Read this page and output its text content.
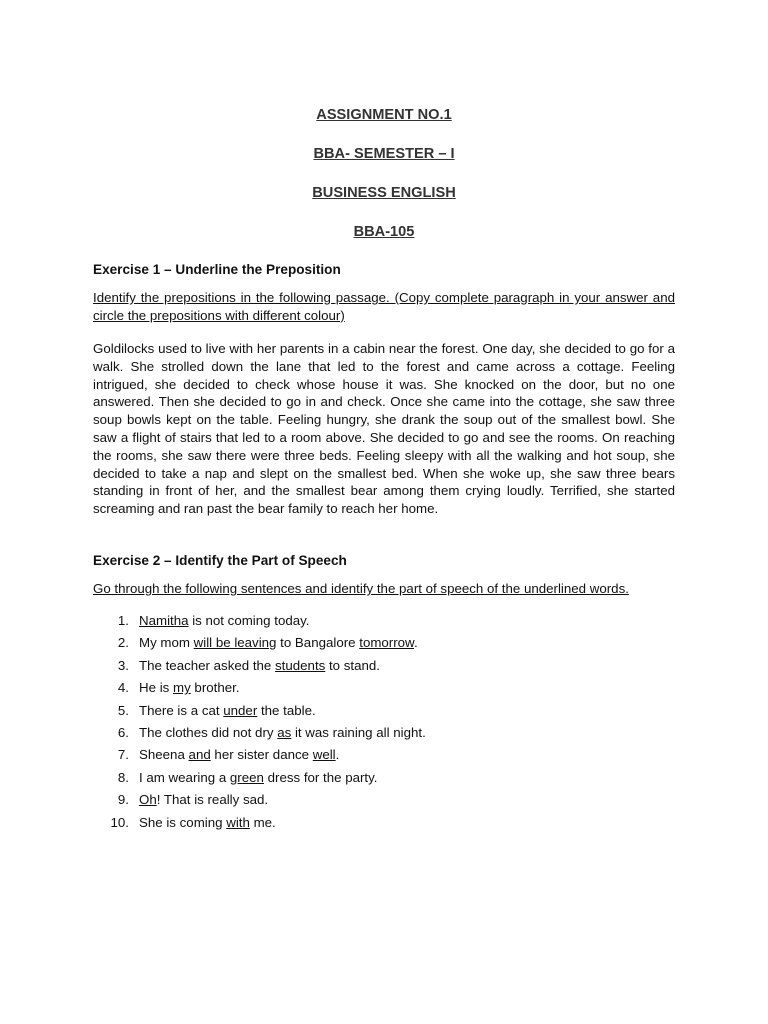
ASSIGNMENT NO.1
BBA- SEMESTER – I
BUSINESS ENGLISH
BBA-105
Exercise 1 – Underline the Preposition
Identify the prepositions in the following passage. (Copy complete paragraph in your answer and circle the prepositions with different colour)
Goldilocks used to live with her parents in a cabin near the forest. One day, she decided to go for a walk. She strolled down the lane that led to the forest and came across a cottage. Feeling intrigued, she decided to check whose house it was. She knocked on the door, but no one answered. Then she decided to go in and check. Once she came into the cottage, she saw three soup bowls kept on the table. Feeling hungry, she drank the soup out of the smallest bowl. She saw a flight of stairs that led to a room above. She decided to go and see the rooms. On reaching the rooms, she saw there were three beds. Feeling sleepy with all the walking and hot soup, she decided to take a nap and slept on the smallest bed. When she woke up, she saw three bears standing in front of her, and the smallest bear among them crying loudly. Terrified, she started screaming and ran past the bear family to reach her home.
Exercise 2 – Identify the Part of Speech
Go through the following sentences and identify the part of speech of the underlined words.
1. Namitha is not coming today.
2. My mom will be leaving to Bangalore tomorrow.
3. The teacher asked the students to stand.
4. He is my brother.
5. There is a cat under the table.
6. The clothes did not dry as it was raining all night.
7. Sheena and her sister dance well.
8. I am wearing a green dress for the party.
9. Oh! That is really sad.
10. She is coming with me.
